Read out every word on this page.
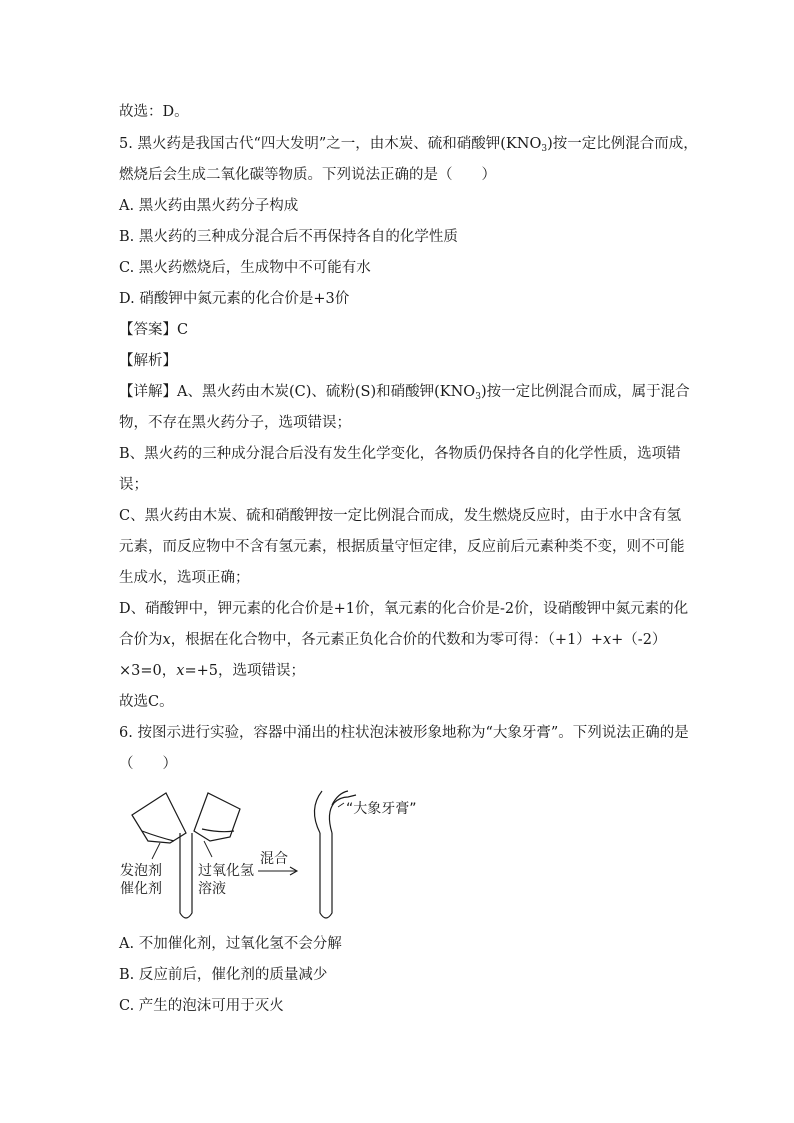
故选：D。
5. 黑火药是我国古代“四大发明”之一，由木炭、硫和硝酸钾$(KNO_3)$按一定比例混合而成，
燃烧后会生成二氧化碳等物质。下列说法正确的是（　　）
A. 黑火药由黑火药分子构成
B. 黑火药的三种成分混合后不再保持各自的化学性质
C. 黑火药燃烧后，生成物中不可能有水
D. 硝酸钾中氮元素的化合价是+3价
【答案】C
【解析】
【详解】A、黑火药由木炭(C)、硫粉(S)和硝酸钾$(KNO_3)$按一定比例混合而成，属于混合
物，不存在黑火药分子，选项错误；
B、黑火药的三种成分混合后没有发生化学变化，各物质仍保持各自的化学性质，选项错
误；
C、黑火药由木炭、硫和硝酸钾按一定比例混合而成，发生燃烧反应时，由于水中含有氢
元素，而反应物中不含有氢元素，根据质量守恒定律，反应前后元素种类不变，则不可能
生成水，选项正确；
D、硝酸钾中，钾元素的化合价是+1价，氧元素的化合价是-2价，设硝酸钾中氮元素的化
合价为x，根据在化合物中，各元素正负化合价的代数和为零可得：（+1）+x+（-2）
×3=0，x=+5，选项错误；
故选C。
6. 按图示进行实验，容器中涌出的柱状泡沫被形象地称为“大象牙膏”。下列说法正确的是
（　　）
发泡剂
催化剂
过氧化氢
溶液
混合
“大象牙膏”
A. 不加催化剂，过氧化氢不会分解
B. 反应前后，催化剂的质量减少
C. 产生的泡沫可用于灭火
